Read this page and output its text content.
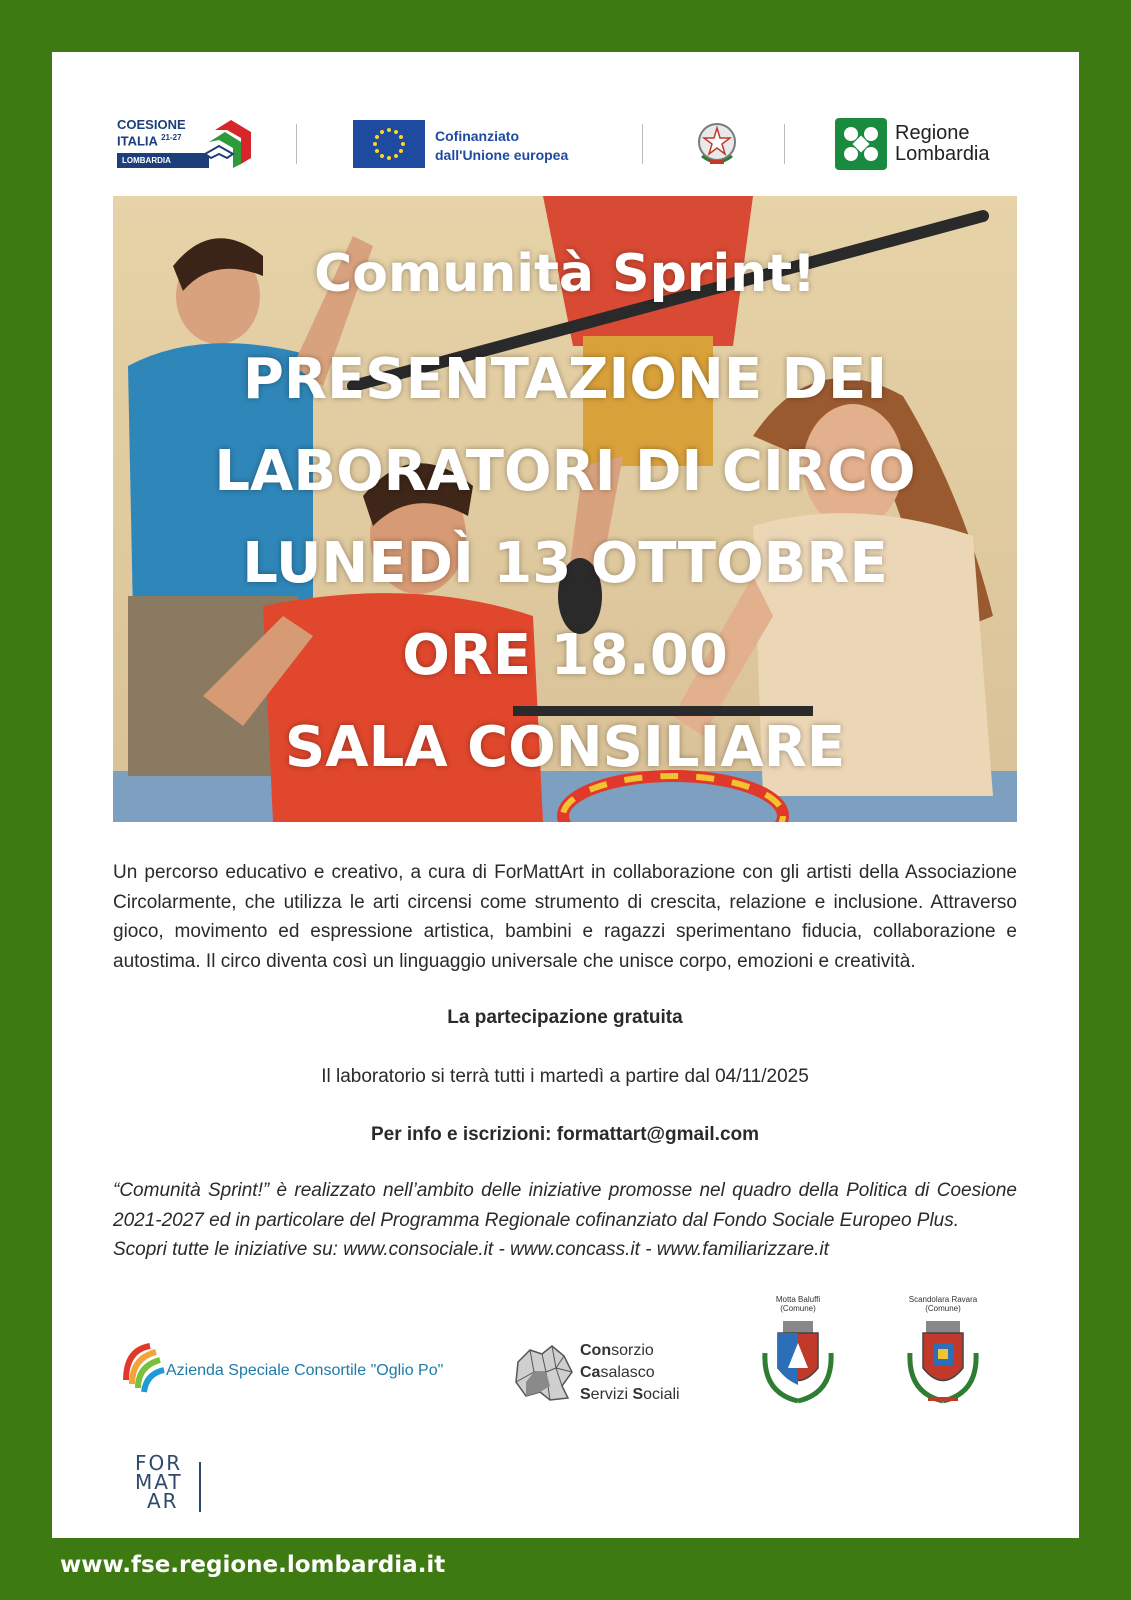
COESIONE
ITALIA $^{21-27}$
LOMBARDIA
Cofinanziato
dall'Unione europea
Regione
Lombardia
Comunità Sprint!
PRESENTAZIONE DEI
LABORATORI DI CIRCO
LUNEDÌ 13 OTTOBRE
ORE 18.00
SALA CONSILIARE

Un percorso educativo e creativo, a cura di ForMattArt in collaborazione con gli artisti della Associazione Circolarmente, che utilizza le arti circensi come strumento di crescita, relazione e inclusione. Attraverso gioco, movimento ed espressione artistica, bambini e ragazzi sperimentano fiducia, collaborazione e autostima. Il circo diventa così un linguaggio universale che unisce corpo, emozioni e creatività.

La partecipazione gratuita
Il laboratorio si terrà tutti i martedì a partire dal 04/11/2025
Per info e iscrizioni: formattart@gmail.com
“Comunità Sprint!” è realizzato nell’ambito delle iniziative promosse nel quadro della Politica di Coesione 2021-2027 ed in particolare del Programma Regionale cofinanziato dal Fondo Sociale Europeo Plus.
Scopri tutte le iniziative su: www.consociale.it - www.concass.it - www.familiarizzare.it
Azienda Speciale Consortile "Oglio Po"
Consorzio
Casalasco
Servizi Sociali
Motta Baluffi
(Comune)
Scandolara Ravara
(Comune)
FOR
MAT
AR
www.fse.regione.lombardia.it
